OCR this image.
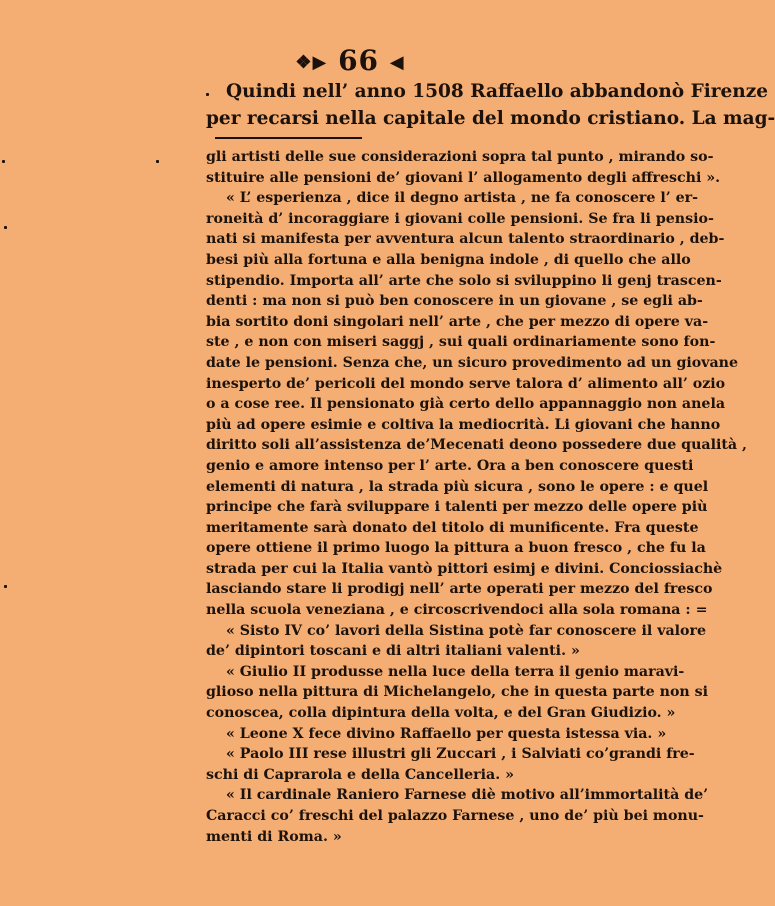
❖▶ 66 ◀
Quindi nell’ anno 1508 Raffaello abbandonò Firenze
per recarsi nella capitale del mondo cristiano. La mag-
gli artisti delle sue considerazioni sopra tal punto , mirando so-
stituire alle pensioni de’ giovani l’ allogamento degli affreschi ».
« L’ esperienza , dice il degno artista , ne fa conoscere l’ er-
roneità d’ incoraggiare i giovani colle pensioni. Se fra li pensio-
nati si manifesta per avventura alcun talento straordinario , deb-
besi più alla fortuna e alla benigna indole , di quello che allo
stipendio. Importa all’ arte che solo si sviluppino li genj trascen-
denti : ma non si può ben conoscere in un giovane , se egli ab-
bia sortito doni singolari nell’ arte , che per mezzo di opere va-
ste , e non con miseri saggj , sui quali ordinariamente sono fon-
date le pensioni. Senza che, un sicuro provedimento ad un giovane
inesperto de’ pericoli del mondo serve talora d’ alimento all’ ozio
o a cose ree. Il pensionato già certo dello appannaggio non anela
più ad opere esimie e coltiva la mediocrità. Li giovani che hanno
diritto soli all’assistenza de’Mecenati deono possedere due qualità ,
genio e amore intenso per l’ arte. Ora a ben conoscere questi
elementi di natura , la strada più sicura , sono le opere : e quel
principe che farà sviluppare i talenti per mezzo delle opere più
meritamente sarà donato del titolo di munificente. Fra queste
opere ottiene il primo luogo la pittura a buon fresco , che fu la
strada per cui la Italia vantò pittori esimj e divini. Conciossiachè
lasciando stare li prodigj nell’ arte operati per mezzo del fresco
nella scuola veneziana , e circoscrivendoci alla sola romana : =
« Sisto IV co’ lavori della Sistina potè far conoscere il valore
de’ dipintori toscani e di altri italiani valenti. »
« Giulio II produsse nella luce della terra il genio maravi-
glioso nella pittura di Michelangelo, che in questa parte non si
conoscea, colla dipintura della volta, e del Gran Giudizio. »
« Leone X fece divino Raffaello per questa istessa via. »
« Paolo III rese illustri gli Zuccari , i Salviati co’grandi fre-
schi di Caprarola e della Cancelleria. »
« Il cardinale Raniero Farnese diè motivo all’immortalità de’
Caracci co’ freschi del palazzo Farnese , uno de’ più bei monu-
menti di Roma. »
